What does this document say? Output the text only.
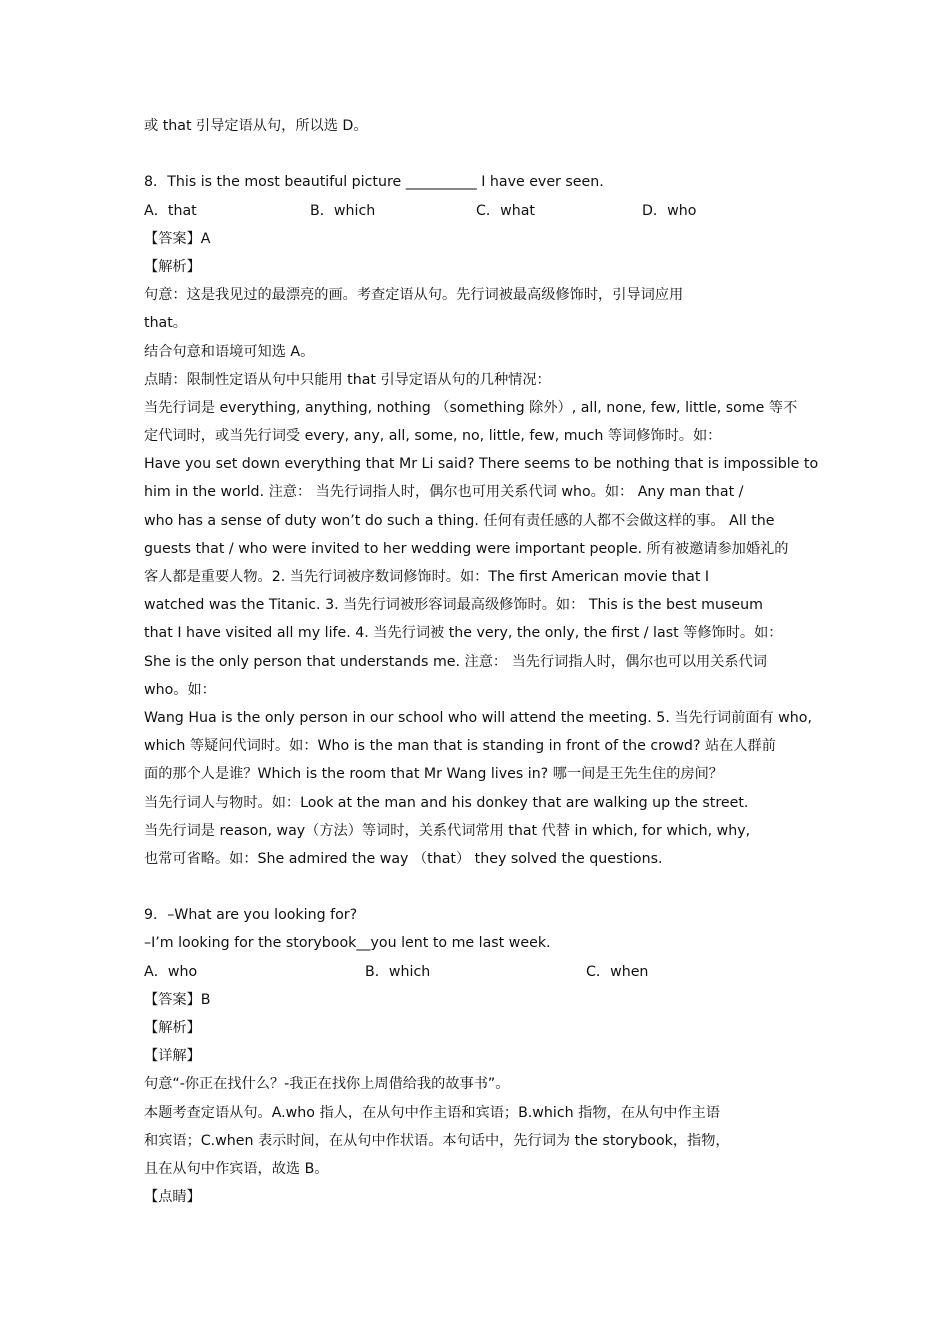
或 that 引导定语从句，所以选 D。
8．This is the most beautiful picture __________ I have ever seen.
A．that	B．which	C．what	D．who
【答案】A
【解析】
句意：这是我见过的最漂亮的画。考查定语从句。先行词被最高级修饰时，引导词应用
that。
结合句意和语境可知选 A。
点睛：限制性定语从句中只能用 that 引导定语从句的几种情况：
当先行词是 everything, anything, nothing （something 除外）, all, none, few, little, some 等不
定代词时，或当先行词受 every, any, all, some, no, little, few, much 等词修饰时。如：
Have you set down everything that Mr Li said? There seems to be nothing that is impossible to
him in the world. 注意： 当先行词指人时，偶尔也可用关系代词 who。如： Any man that /
who has a sense of duty won’t do such a thing. 任何有责任感的人都不会做这样的事。 All the
guests that / who were invited to her wedding were important people. 所有被邀请参加婚礼的
客人都是重要人物。2. 当先行词被序数词修饰时。如：The first American movie that I
watched was the Titanic. 3. 当先行词被形容词最高级修饰时。如： This is the best museum
that I have visited all my life. 4. 当先行词被 the very, the only, the first / last 等修饰时。如：
She is the only person that understands me. 注意： 当先行词指人时，偶尔也可以用关系代词
who。如：
Wang Hua is the only person in our school who will attend the meeting. 5. 当先行词前面有 who,
which 等疑问代词时。如：Who is the man that is standing in front of the crowd? 站在人群前
面的那个人是谁？Which is the room that Mr Wang lives in? 哪一间是王先生住的房间？
当先行词人与物时。如：Look at the man and his donkey that are walking up the street.
当先行词是 reason, way（方法）等词时，关系代词常用 that 代替 in which, for which, why,
也常可省略。如：She admired the way （that） they solved the questions.
9．–What are you looking for?
–I’m looking for the storybook__you lent to me last week.
A．who	B．which	C．when
【答案】B
【解析】
【详解】
句意“-你正在找什么？-我正在找你上周借给我的故事书”。
本题考查定语从句。A.who 指人，在从句中作主语和宾语；B.which 指物，在从句中作主语
和宾语；C.when 表示时间，在从句中作状语。本句话中，先行词为 the storybook，指物，
且在从句中作宾语，故选 B。
【点睛】
